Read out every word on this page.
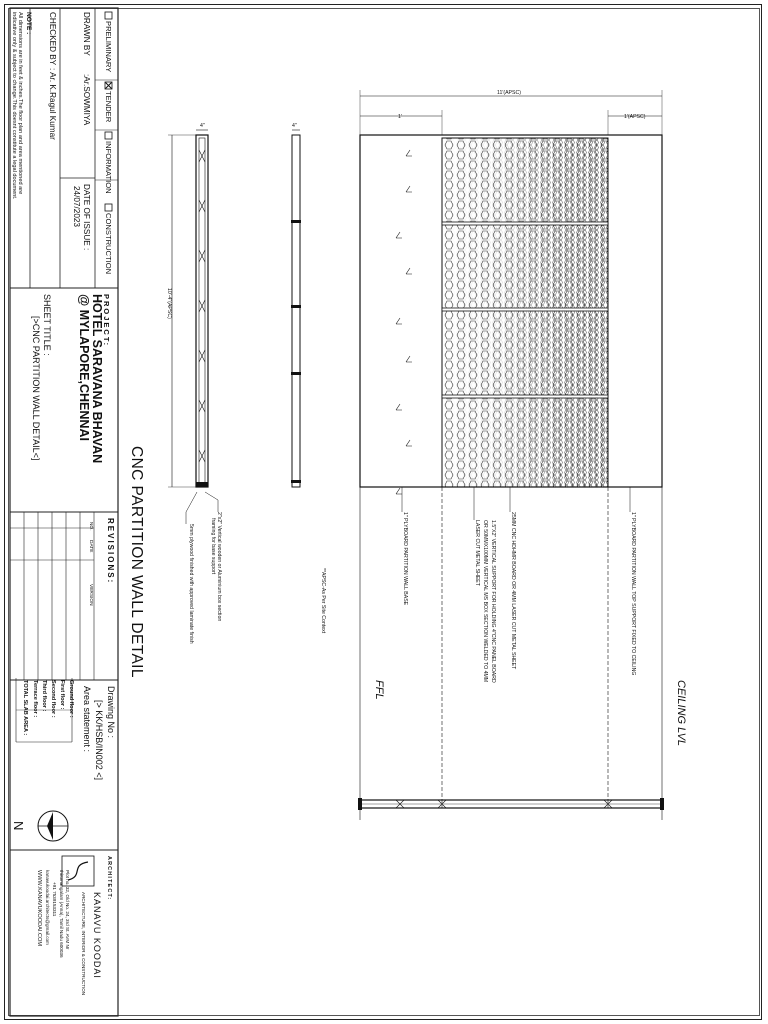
PRELIMINARY
TENDER
INFORMATION
CONSTRUCTION
DRAWN BY
:Ar.SOWMIYA
DATE OF ISSUE :
24/07/2023
CHECKED BY
: Ar. K.Ragul Kumar
NOTE :
All dimensions are in feet & inches.The floor plan and area mentioned are
indicative only & subject to change.This doesnt constitute a legal document.
PROJECT:
HOTEL SARAVANA BHAVAN
@ MYLAPORE,CHENNAI
SHEET TITLE :
[>CNC PARTITION WALL DETAIL<]
REVISIONS:
NO.
DATE
VERSION
Drawing No :
[> KK/HSB/IN002 <]
Area statement :
Ground floor :
First floor :
Second floor :
Third floor :
Terrace floor :
TOTAL SLAB AREA :
N
ARCHITECT:
KANAVU KOODAI
ARCHITECTURE, INTERIOR & CONSTRUCTION
Plot no. 32, Old No. 24, 3rd St. AVM Nr
thirumangalam (Anna), Tamil Nadu 600036
+91 7539153311
kanavukoodai.architects@gmail.com
WWW.KANAVUKOODAI.COM
CNC PARTITION WALL DETAIL
4"	4"
10'-4"(APSC)
2"x2" Vertical wooden or Aluminium box section
framing for base support
5mm plywood finished with approved laminate finish
11'(APSC)
1'	1'(APSC)
CEILING LVL
FFL
**APSC-As Per Site Context	1" PLYBOARD PARTITION WALL TOP SUPPORT FIXED TO CEILING
25MM CNC HDHMR BOARD OR 4MM LASER CUT METAL SHEET
1.5"X2" VERTICAL SUPPORT FOR HOLDING 4"CNC PANEL BOARD
OR 50MMX100MM VERTICAL MS BOX SECTION WELDED TO 4MM
LASER CUT METAL SHEET
1" PLYBOARD PARTITION WALL BASE
